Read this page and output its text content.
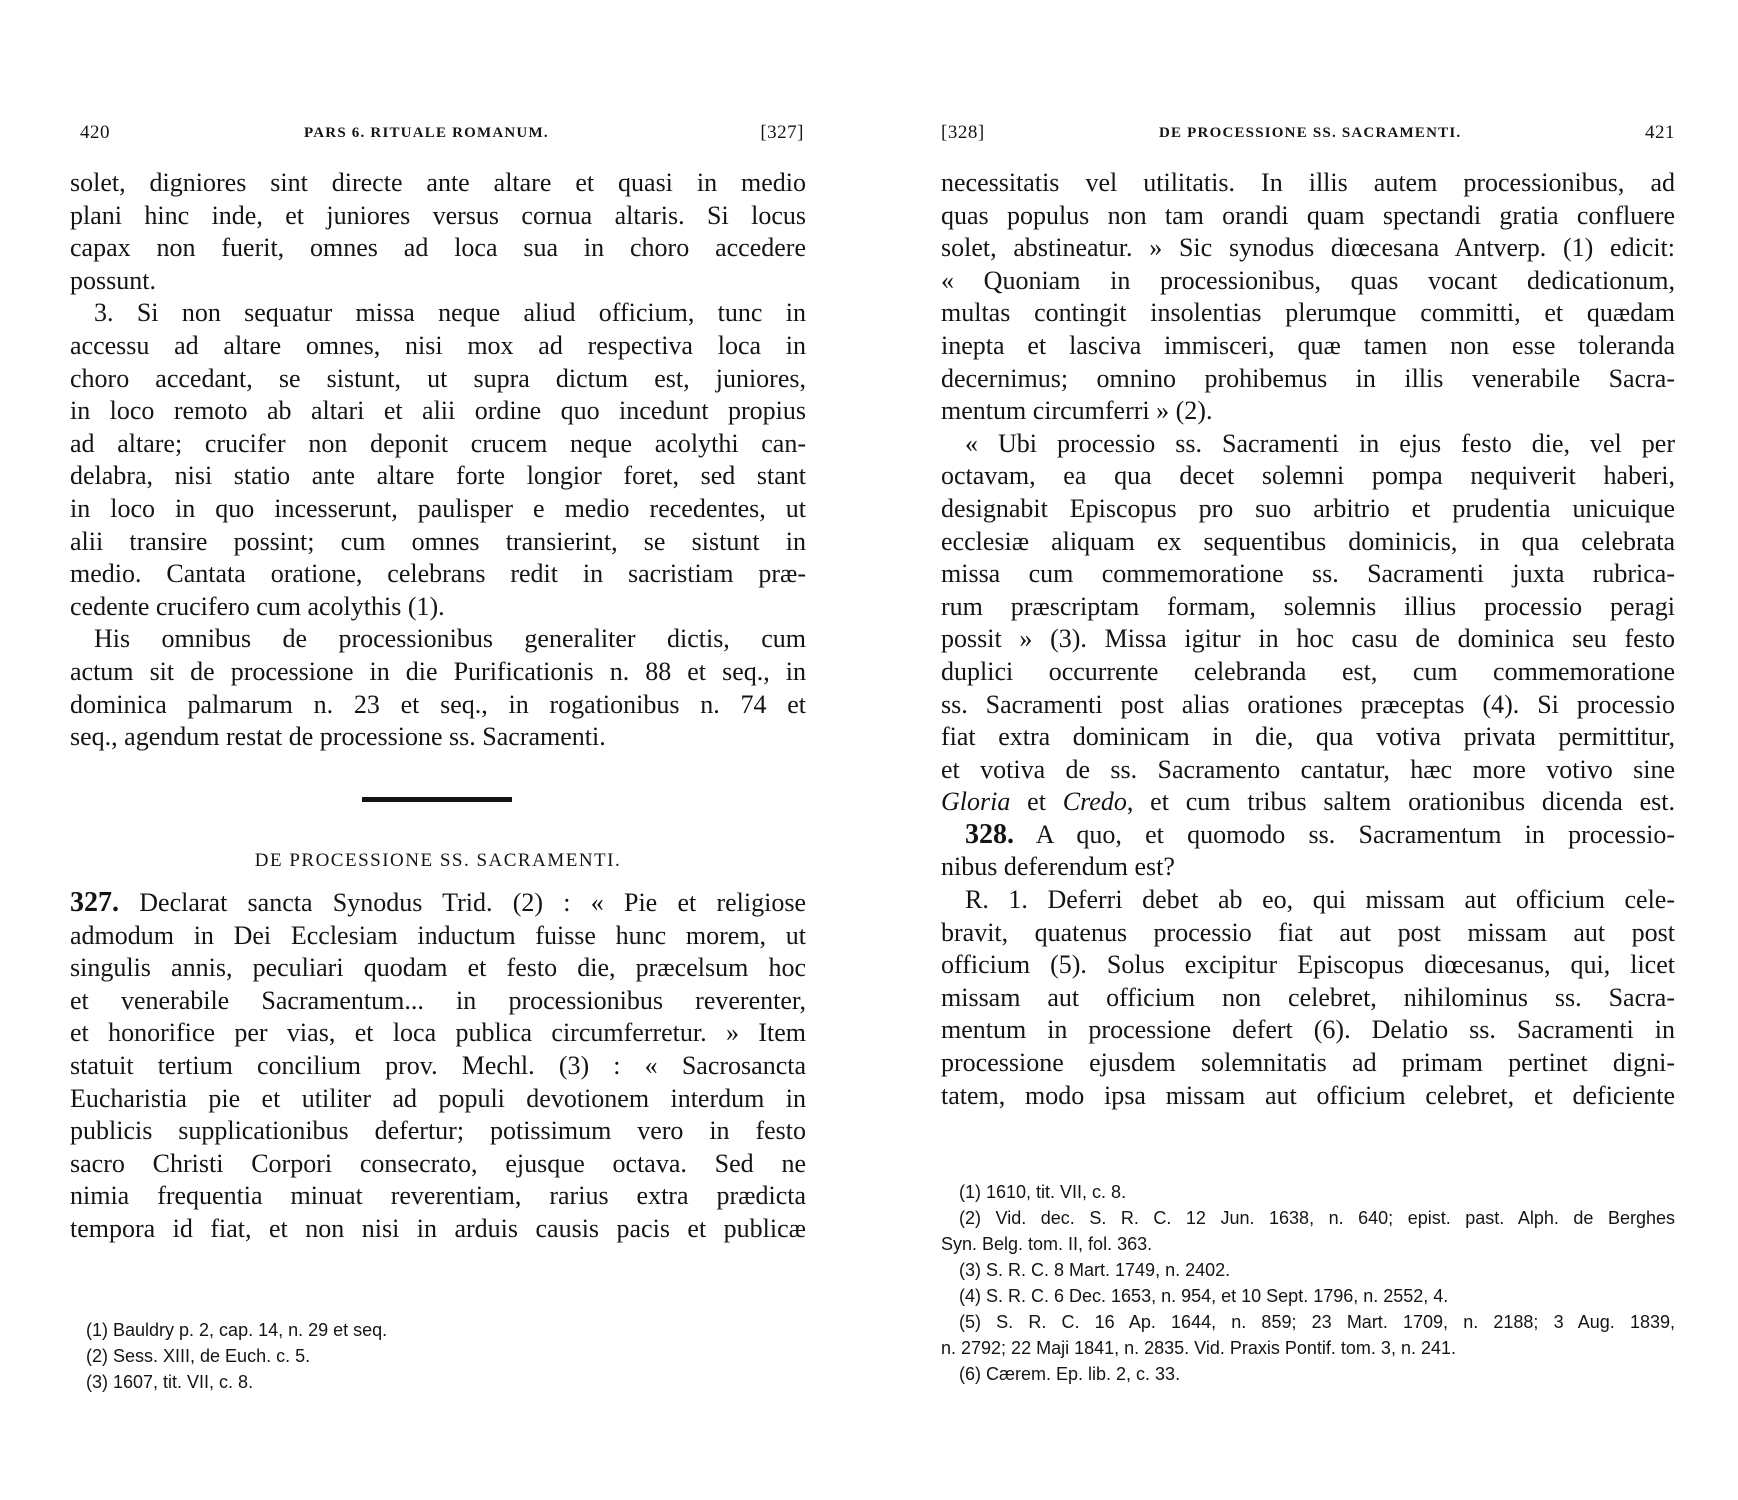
420	PARS 6. RITUALE ROMANUM.	[327]
solet, digniores sint directe ante altare et quasi in medio
plani hinc inde, et juniores versus cornua altaris. Si locus
capax non fuerit, omnes ad loca sua in choro accedere
possunt.
3. Si non sequatur missa neque aliud officium, tunc in
accessu ad altare omnes, nisi mox ad respectiva loca in
choro accedant, se sistunt, ut supra dictum est, juniores,
in loco remoto ab altari et alii ordine quo incedunt propius
ad altare; crucifer non deponit crucem neque acolythi can-
delabra, nisi statio ante altare forte longior foret, sed stant
in loco in quo incesserunt, paulisper e medio recedentes, ut
alii transire possint; cum omnes transierint, se sistunt in
medio. Cantata oratione, celebrans redit in sacristiam præ-
cedente crucifero cum acolythis (1).
His omnibus de processionibus generaliter dictis, cum
actum sit de processione in die Purificationis n. 88 et seq., in
dominica palmarum n. 23 et seq., in rogationibus n. 74 et
seq., agendum restat de processione ss. Sacramenti.
DE PROCESSIONE SS. SACRAMENTI.
327. Declarat sancta Synodus Trid. (2) : « Pie et religiose
admodum in Dei Ecclesiam inductum fuisse hunc morem, ut
singulis annis, peculiari quodam et festo die, præcelsum hoc
et venerabile Sacramentum... in processionibus reverenter,
et honorifice per vias, et loca publica circumferretur. » Item
statuit tertium concilium prov. Mechl. (3) : « Sacrosancta
Eucharistia pie et utiliter ad populi devotionem interdum in
publicis supplicationibus defertur; potissimum vero in festo
sacro Christi Corpori consecrato, ejusque octava. Sed ne
nimia frequentia minuat reverentiam, rarius extra prædicta
tempora id fiat, et non nisi in arduis causis pacis et publicæ
(1) Bauldry p. 2, cap. 14, n. 29 et seq.
(2) Sess. XIII, de Euch. c. 5.
(3) 1607, tit. VII, c. 8.
[328]	DE PROCESSIONE SS. SACRAMENTI.	421
necessitatis vel utilitatis. In illis autem processionibus, ad
quas populus non tam orandi quam spectandi gratia confluere
solet, abstineatur. » Sic synodus diœcesana Antverp. (1) edicit:
« Quoniam in processionibus, quas vocant dedicationum,
multas contingit insolentias plerumque committi, et quædam
inepta et lasciva immisceri, quæ tamen non esse toleranda
decernimus; omnino prohibemus in illis venerabile Sacra-
mentum circumferri » (2).
« Ubi processio ss. Sacramenti in ejus festo die, vel per
octavam, ea qua decet solemni pompa nequiverit haberi,
designabit Episcopus pro suo arbitrio et prudentia unicuique
ecclesiæ aliquam ex sequentibus dominicis, in qua celebrata
missa cum commemoratione ss. Sacramenti juxta rubrica-
rum præscriptam formam, solemnis illius processio peragi
possit » (3). Missa igitur in hoc casu de dominica seu festo
duplici occurrente celebranda est, cum commemoratione
ss. Sacramenti post alias orationes præceptas (4). Si processio
fiat extra dominicam in die, qua votiva privata permittitur,
et votiva de ss. Sacramento cantatur, hæc more votivo sine
Gloria et Credo, et cum tribus saltem orationibus dicenda est.
328. A quo, et quomodo ss. Sacramentum in processio-
nibus deferendum est?
R. 1. Deferri debet ab eo, qui missam aut officium cele-
bravit, quatenus processio fiat aut post missam aut post
officium (5). Solus excipitur Episcopus diœcesanus, qui, licet
missam aut officium non celebret, nihilominus ss. Sacra-
mentum in processione defert (6). Delatio ss. Sacramenti in
processione ejusdem solemnitatis ad primam pertinet digni-
tatem, modo ipsa missam aut officium celebret, et deficiente
(1) 1610, tit. VII, c. 8.
(2) Vid. dec. S. R. C. 12 Jun. 1638, n. 640; epist. past. Alph. de Berghes
Syn. Belg. tom. II, fol. 363.
(3) S. R. C. 8 Mart. 1749, n. 2402.
(4) S. R. C. 6 Dec. 1653, n. 954, et 10 Sept. 1796, n. 2552, 4.
(5) S. R. C. 16 Ap. 1644, n. 859; 23 Mart. 1709, n. 2188; 3 Aug. 1839,
n. 2792; 22 Maji 1841, n. 2835. Vid. Praxis Pontif. tom. 3, n. 241.
(6) Cærem. Ep. lib. 2, c. 33.
